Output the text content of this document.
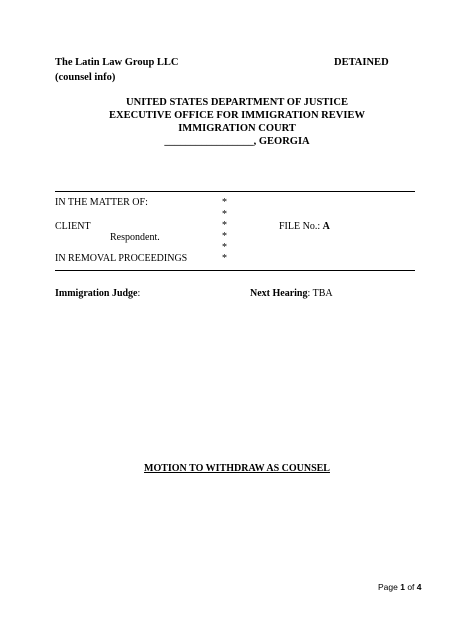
The Latin Law Group LLC
(counsel info)
DETAINED
UNITED STATES DEPARTMENT OF JUSTICE
EXECUTIVE OFFICE FOR IMMIGRATION REVIEW
IMMIGRATION COURT
_________________, GEORGIA
IN THE MATTER OF:
CLIENT
Respondent.
IN REMOVAL PROCEEDINGS
*
*
*
*
*
*
FILE No.: A
Immigration Judge:	Next Hearing: TBA
MOTION TO WITHDRAW AS COUNSEL
Page 1 of 4
